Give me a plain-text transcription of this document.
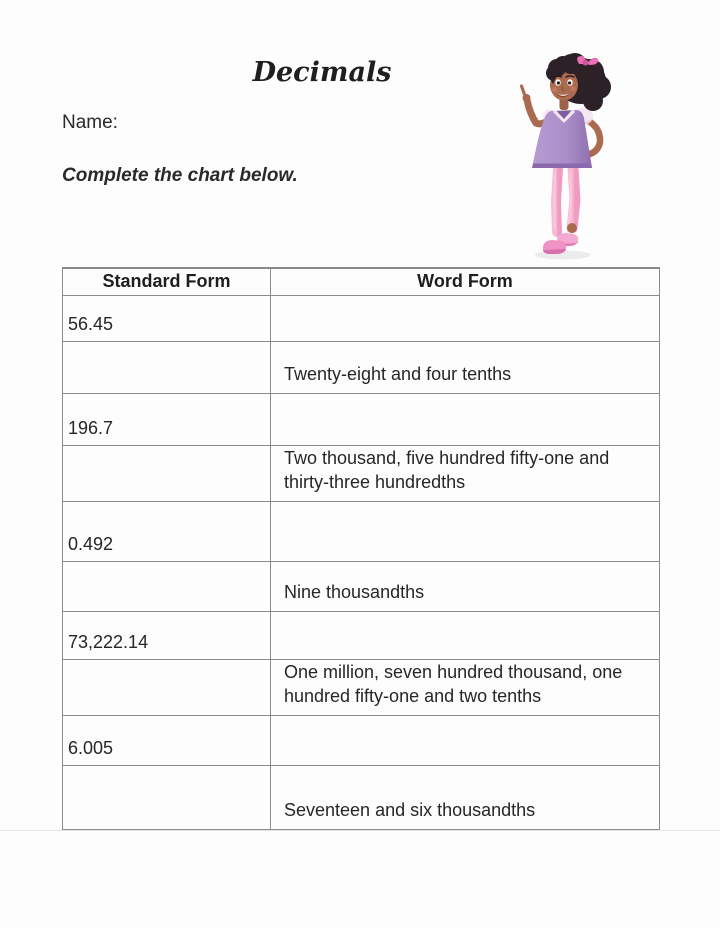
Decimals
Name:
Complete the chart below.
Standard Form	Word Form
56.45	
	Twenty-eight and four tenths
196.7	
	Two thousand, five hundred fifty-one and thirty-three hundredths
0.492	
	Nine thousandths
73,222.14	
	One million, seven hundred thousand, one hundred fifty-one and two tenths
6.005	
	Seventeen and six thousandths
